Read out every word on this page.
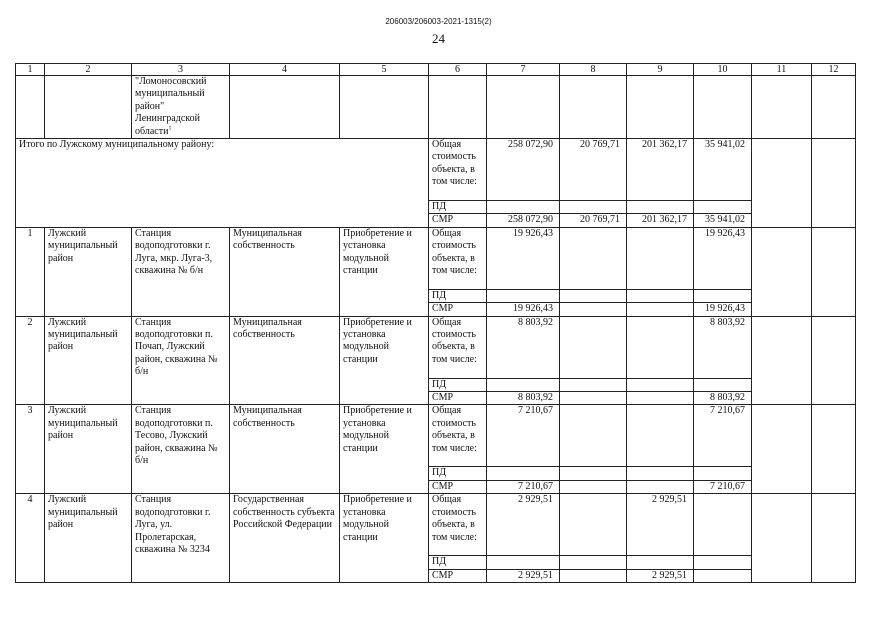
206003/206003-2021-1315(2)
24
1	2	3	4	5	6	7	8	9	10	11	12
		"Ломоносовский муниципальный район" Ленинградской области$^1$									
Итого по Лужскому муниципальному району:					Общая стоимость объекта, в том числе:	258 072,90	20 769,71	201 362,17	35 941,02		
					ПД						
					СМР	258 072,90	20 769,71	201 362,17	35 941,02		
1	Лужский муниципальный район	Станция водоподготовки г. Луга, мкр. Луга-3, скважина № б/н	Муниципальная собственность	Приобретение и установка модульной станции	Общая стоимость объекта, в том числе:	19 926,43			19 926,43		
					ПД						
					СМР	19 926,43			19 926,43		
2	Лужский муниципальный район	Станция водоподготовки п. Почап, Лужский район, скважина № б/н	Муниципальная собственность	Приобретение и установка модульной станции	Общая стоимость объекта, в том числе:	8 803,92			8 803,92		
					ПД						
					СМР	8 803,92			8 803,92		
3	Лужский муниципальный район	Станция водоподготовки п. Тесово, Лужский район, скважина № б/н	Муниципальная собственность	Приобретение и установка модульной станции	Общая стоимость объекта, в том числе:	7 210,67			7 210,67		
					ПД						
					СМР	7 210,67			7 210,67		
4	Лужский муниципальный район	Станция водоподготовки г. Луга, ул. Пролетарская, скважина № 3234	Государственная собственность субъекта Российской Федерации	Приобретение и установка модульной станции	Общая стоимость объекта, в том числе:	2 929,51		2 929,51			
					ПД						
					СМР	2 929,51		2 929,51			
